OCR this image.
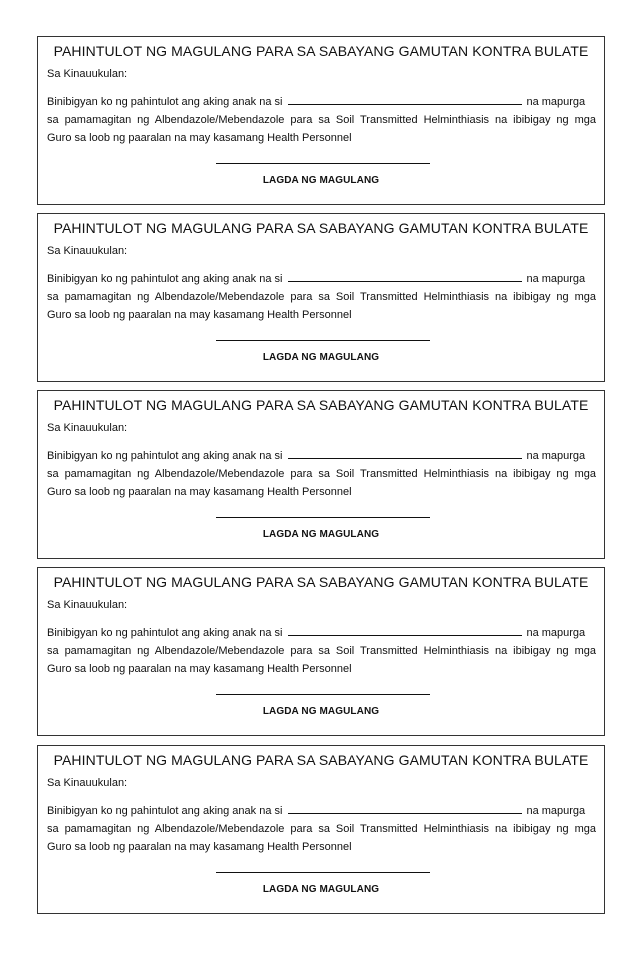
PAHINTULOT NG MAGULANG PARA SA SABAYANG GAMUTAN KONTRA BULATE
Sa Kinauukulan:
Binibigyan ko ng pahintulot ang aking anak na si	na mapurga
sa pamamagitan ng Albendazole/Mebendazole para sa Soil Transmitted Helminthiasis na ibibigay ng mga
Guro sa loob ng paaralan na may kasamang Health Personnel
LAGDA NG MAGULANG
PAHINTULOT NG MAGULANG PARA SA SABAYANG GAMUTAN KONTRA BULATE
Sa Kinauukulan:
Binibigyan ko ng pahintulot ang aking anak na si	na mapurga
sa pamamagitan ng Albendazole/Mebendazole para sa Soil Transmitted Helminthiasis na ibibigay ng mga
Guro sa loob ng paaralan na may kasamang Health Personnel
LAGDA NG MAGULANG
PAHINTULOT NG MAGULANG PARA SA SABAYANG GAMUTAN KONTRA BULATE
Sa Kinauukulan:
Binibigyan ko ng pahintulot ang aking anak na si	na mapurga
sa pamamagitan ng Albendazole/Mebendazole para sa Soil Transmitted Helminthiasis na ibibigay ng mga
Guro sa loob ng paaralan na may kasamang Health Personnel
LAGDA NG MAGULANG
PAHINTULOT NG MAGULANG PARA SA SABAYANG GAMUTAN KONTRA BULATE
Sa Kinauukulan:
Binibigyan ko ng pahintulot ang aking anak na si	na mapurga
sa pamamagitan ng Albendazole/Mebendazole para sa Soil Transmitted Helminthiasis na ibibigay ng mga
Guro sa loob ng paaralan na may kasamang Health Personnel
LAGDA NG MAGULANG
PAHINTULOT NG MAGULANG PARA SA SABAYANG GAMUTAN KONTRA BULATE
Sa Kinauukulan:
Binibigyan ko ng pahintulot ang aking anak na si	na mapurga
sa pamamagitan ng Albendazole/Mebendazole para sa Soil Transmitted Helminthiasis na ibibigay ng mga
Guro sa loob ng paaralan na may kasamang Health Personnel
LAGDA NG MAGULANG
